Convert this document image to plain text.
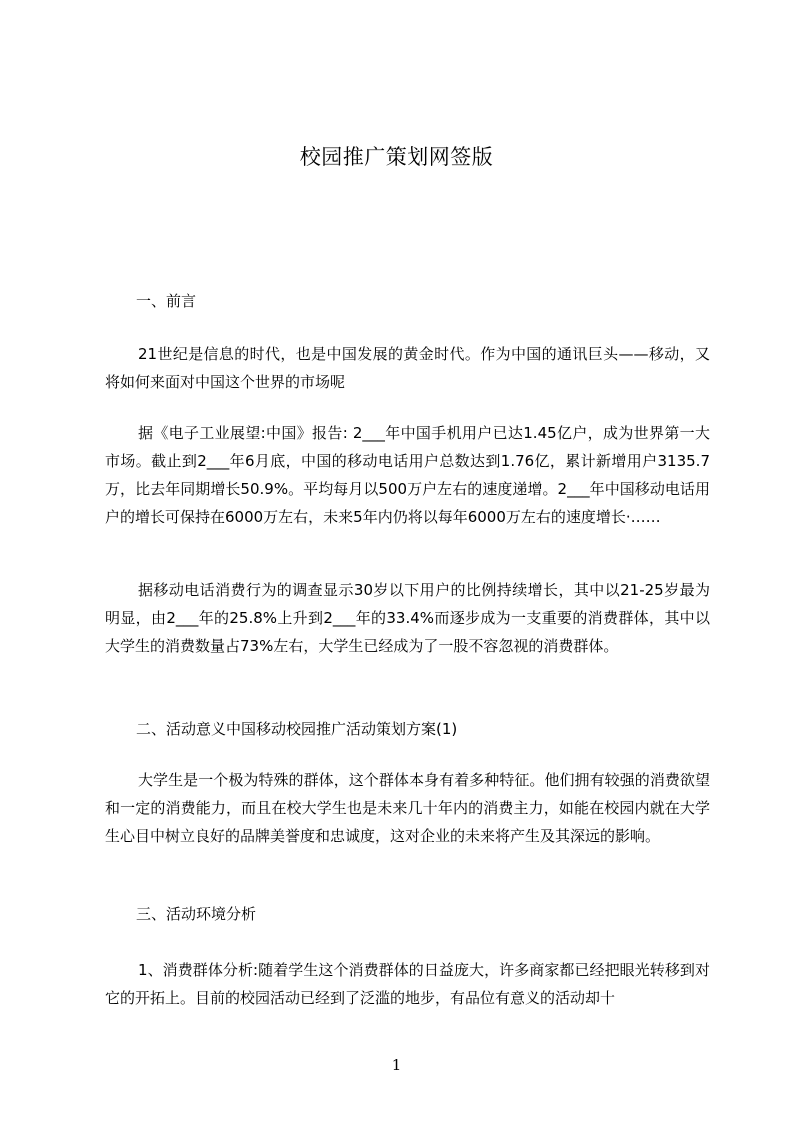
校园推广策划网签版
一、前言
21世纪是信息的时代，也是中国发展的黄金时代。作为中国的通讯巨头——移动，又将如何来面对中国这个世界的市场呢
据《电子工业展望:中国》报告: 2___年中国手机用户已达1.45亿户，成为世界第一大市场。截止到2___年6月底，中国的移动电话用户总数达到1.76亿，累计新增用户3135.7万，比去年同期增长50.9%。平均每月以500万户左右的速度递增。2___年中国移动电话用户的增长可保持在6000万左右，未来5年内仍将以每年6000万左右的速度增长·……
据移动电话消费行为的调查显示30岁以下用户的比例持续增长，其中以21-25岁最为明显，由2___年的25.8%上升到2___年的33.4%而逐步成为一支重要的消费群体，其中以大学生的消费数量占73%左右，大学生已经成为了一股不容忽视的消费群体。
二、活动意义中国移动校园推广活动策划方案(1)
大学生是一个极为特殊的群体，这个群体本身有着多种特征。他们拥有较强的消费欲望和一定的消费能力，而且在校大学生也是未来几十年内的消费主力，如能在校园内就在大学生心目中树立良好的品牌美誉度和忠诚度，这对企业的未来将产生及其深远的影响。
三、活动环境分析
1、消费群体分析:随着学生这个消费群体的日益庞大，许多商家都已经把眼光转移到对它的开拓上。目前的校园活动已经到了泛滥的地步，有品位有意义的活动却十
1
